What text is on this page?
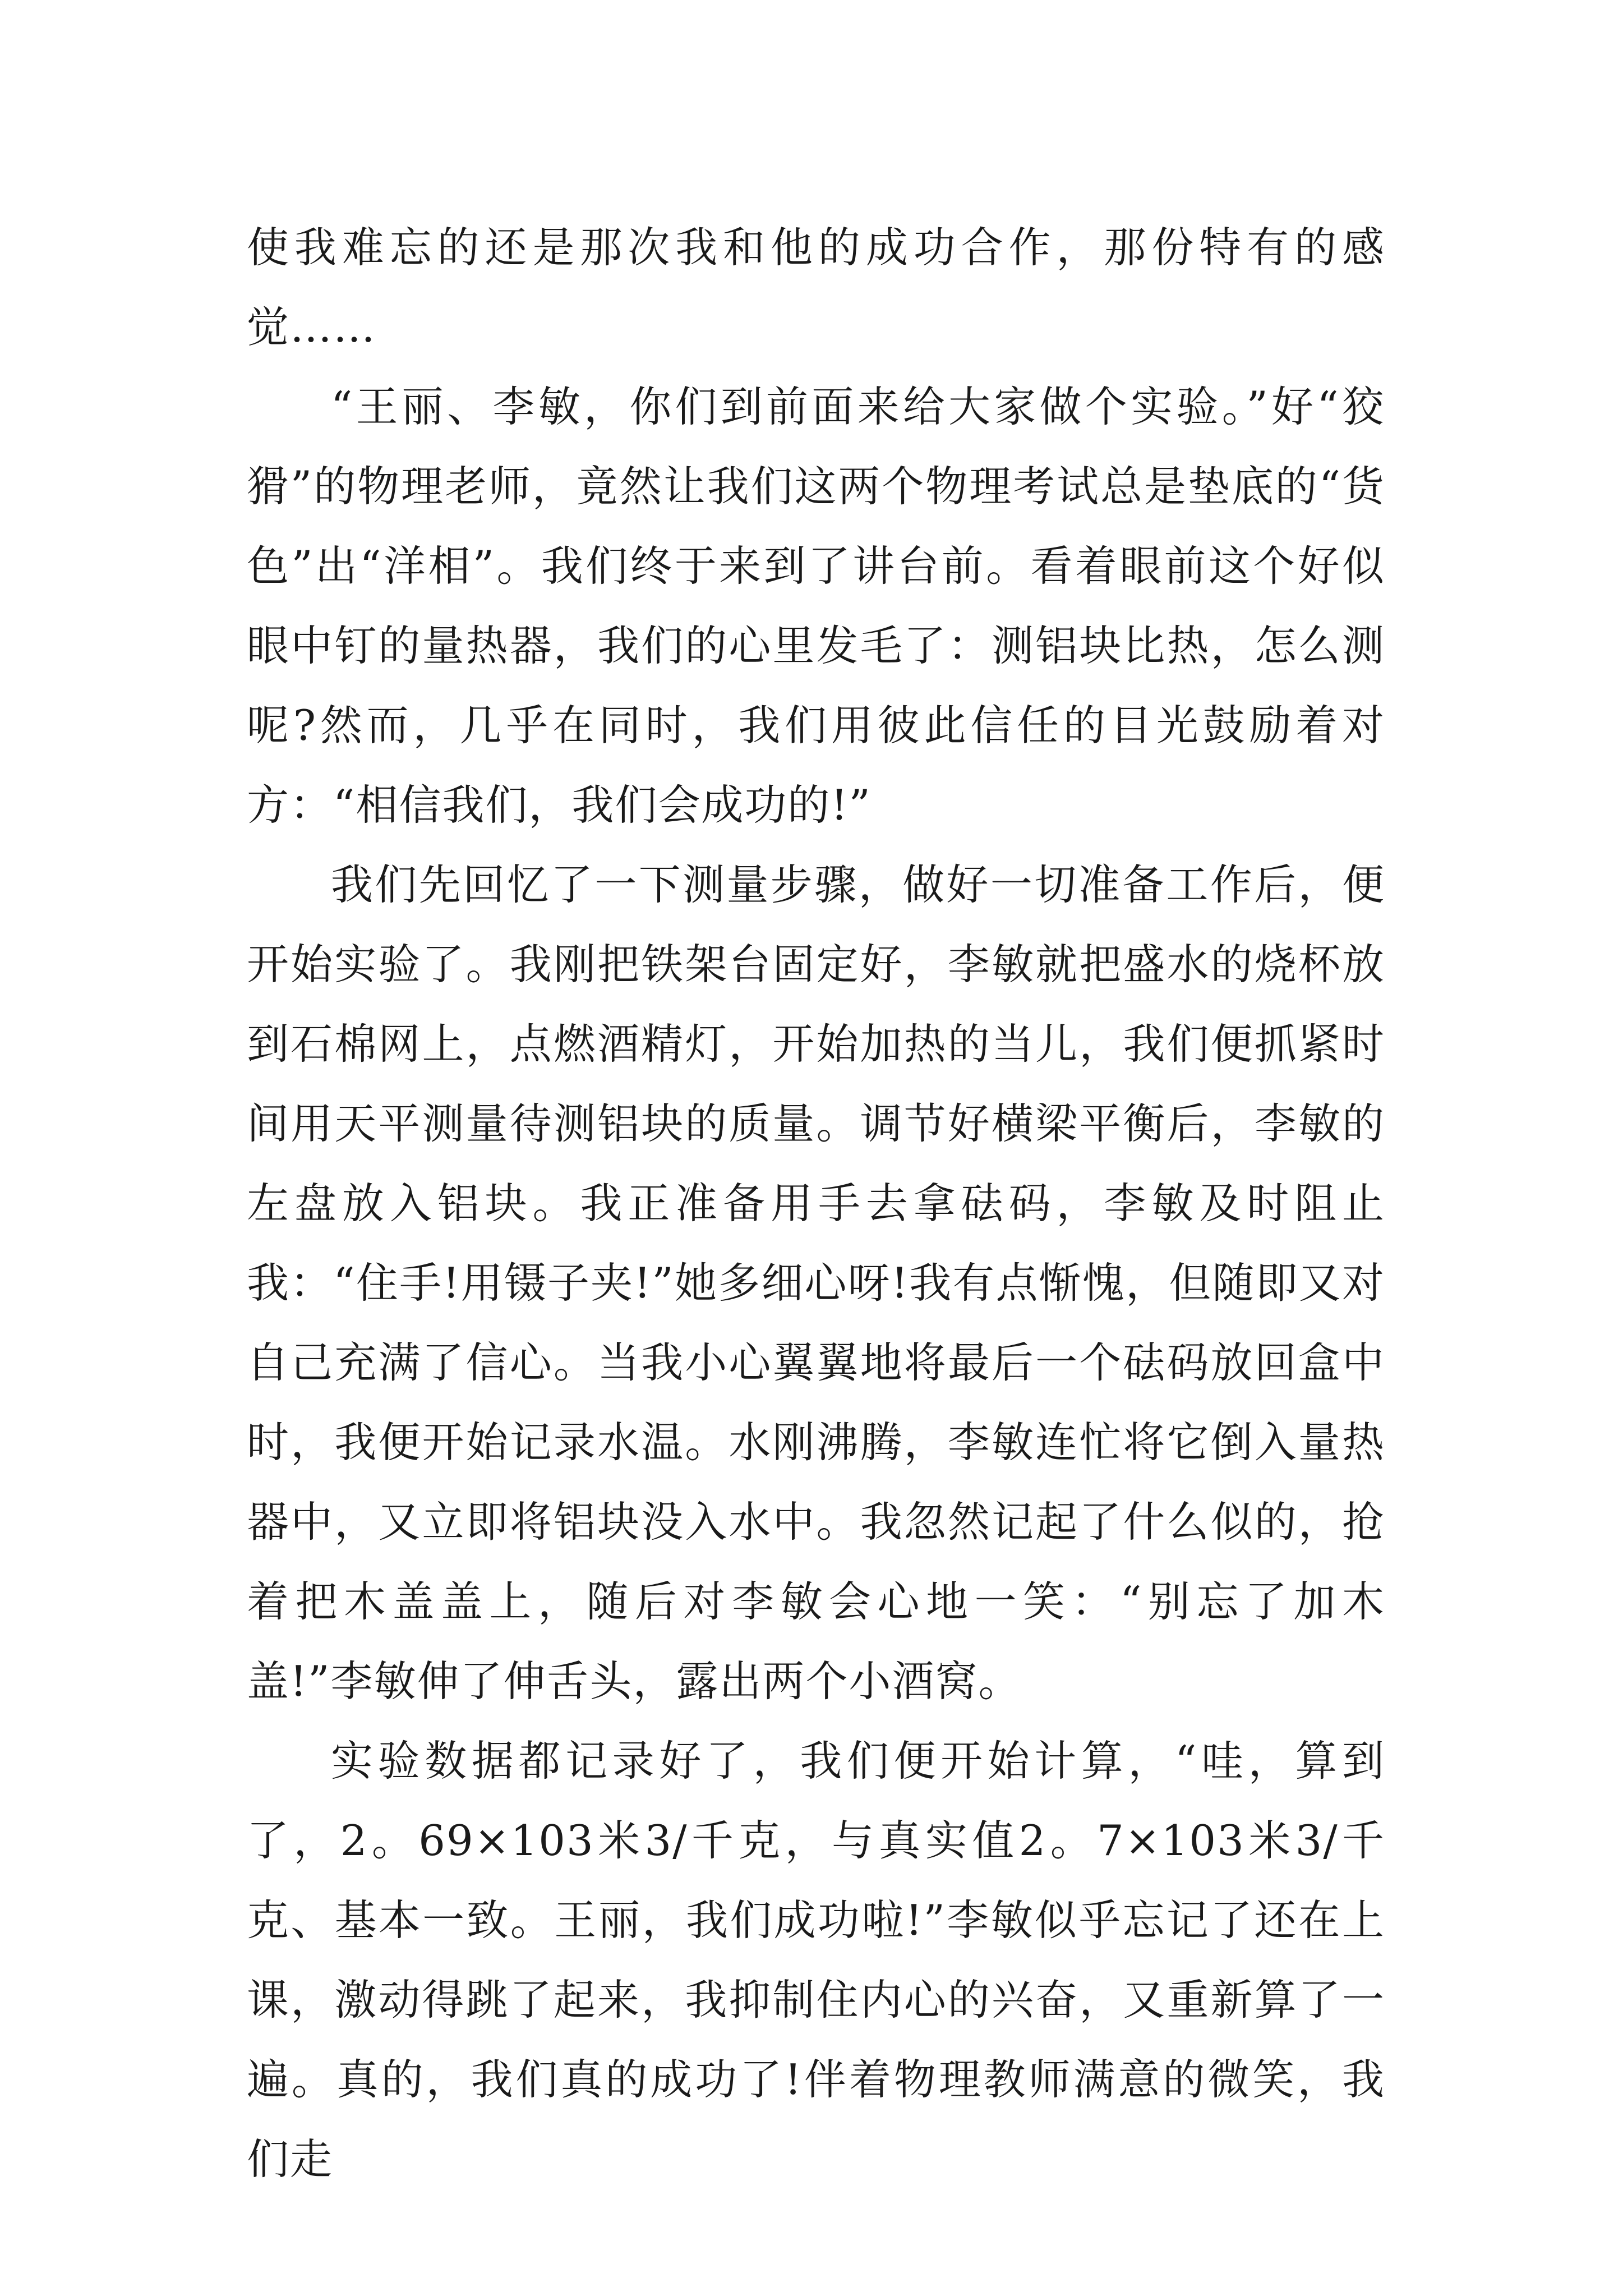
使我难忘的还是那次我和他的成功合作，那份特有的感觉……

“王丽、李敏，你们到前面来给大家做个实验。”好“狡猾”的物理老师，竟然让我们这两个物理考试总是垫底的“货色”出“洋相”。我们终于来到了讲台前。看着眼前这个好似眼中钉的量热器，我们的心里发毛了：测铝块比热，怎么测呢?然而，几乎在同时，我们用彼此信任的目光鼓励着对方：“相信我们，我们会成功的!”

我们先回忆了一下测量步骤，做好一切准备工作后，便开始实验了。我刚把铁架台固定好，李敏就把盛水的烧杯放到石棉网上，点燃酒精灯，开始加热的当儿，我们便抓紧时间用天平测量待测铝块的质量。调节好横梁平衡后，李敏的左盘放入铝块。我正准备用手去拿砝码，李敏及时阻止我：“住手!用镊子夹!”她多细心呀!我有点惭愧，但随即又对自己充满了信心。当我小心翼翼地将最后一个砝码放回盒中时，我便开始记录水温。水刚沸腾，李敏连忙将它倒入量热器中，又立即将铝块没入水中。我忽然记起了什么似的，抢着把木盖盖上，随后对李敏会心地一笑：“别忘了加木盖!”李敏伸了伸舌头，露出两个小酒窝。

实验数据都记录好了，我们便开始计算，“哇，算到了，2。69×103米3/千克，与真实值2。7×103米3/千克、基本一致。王丽，我们成功啦!”李敏似乎忘记了还在上课，激动得跳了起来，我抑制住内心的兴奋，又重新算了一遍。真的，我们真的成功了!伴着物理教师满意的微笑，我们走
